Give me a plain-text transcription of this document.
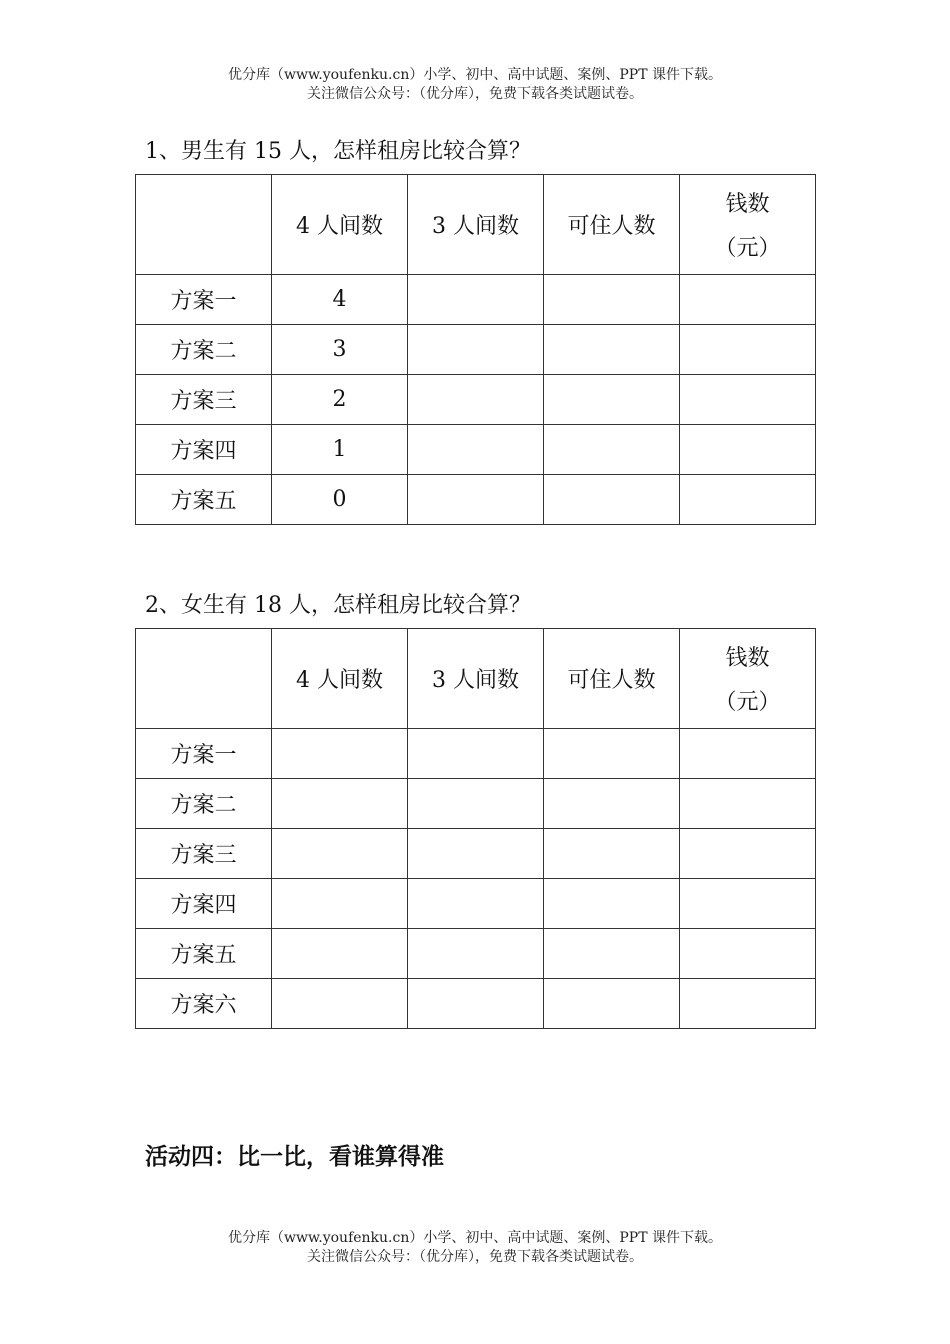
优分库（www.youfenku.cn）小学、初中、高中试题、案例、PPT 课件下载。
关注微信公众号：（优分库），免费下载各类试题试卷。
1、男生有 15 人，怎样租房比较合算？
	4 人间数	3 人间数	可住人数	钱数
（元）

方案一	4			
方案二	3			
方案三	2			
方案四	1			
方案五	0			
2、女生有 18 人，怎样租房比较合算？
	4 人间数	3 人间数	可住人数	钱数
（元）

方案一				
方案二				
方案三				
方案四				
方案五				
方案六				
活动四：比一比，看谁算得准
优分库（www.youfenku.cn）小学、初中、高中试题、案例、PPT 课件下载。
关注微信公众号：（优分库），免费下载各类试题试卷。
